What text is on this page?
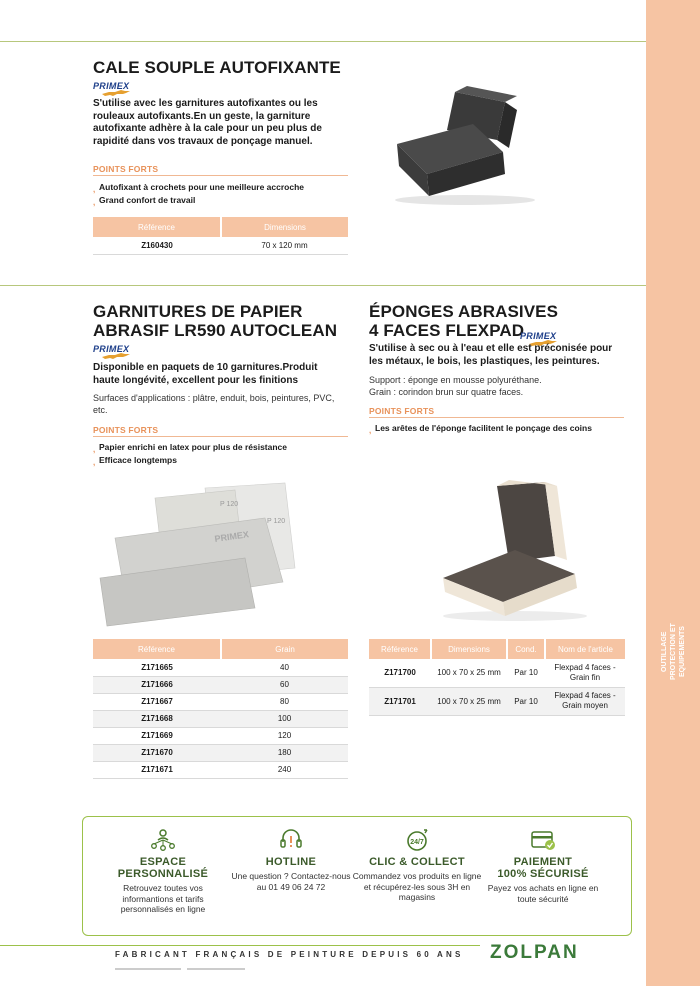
OUTILLAGE PROTECTION ET EQUIPEMENTS
CALE SOUPLE AUTOFIXANTE
PRIMEX
S'utilise avec les garnitures autofixantes ou les rouleaux autofixants.En un geste, la garniture autofixante adhère à la cale pour un peu plus de rapidité dans vos travaux de ponçage manuel.
POINTS FORTS
, Autofixant à crochets pour une meilleure accroche
, Grand confort de travail
Référence	Dimensions
Z160430	70 x 120 mm
GARNITURES DE PAPIER
ABRASIF LR590 AUTOCLEAN
PRIMEX
Disponible en paquets de 10 garnitures.Produit haute longévité, excellent pour les finitions
Surfaces d'applications : plâtre, enduit, bois, peintures, PVC, etc.
POINTS FORTS
, Papier enrichi en latex pour plus de résistance
, Efficace longtemps
P 120
P 120
PRIMEX
Référence	Grain
Z171665	40
Z171666	60
Z171667	80
Z171668	100
Z171669	120
Z171670	180
Z171671	240
ÉPONGES ABRASIVES
4 FACES FLEXPAD
PRIMEX
S'utilise à sec ou à l'eau et elle est préconisée pour les métaux, le bois, les plastiques, les peintures.
Support : éponge en mousse polyuréthane.
Grain : corindon brun sur quatre faces.
POINTS FORTS
, Les arêtes de l'éponge facilitent le ponçage des coins
Référence	Dimensions	Cond.	Nom de l'article
Z171700	100 x 70 x 25 mm	Par 10	Flexpad 4 faces - Grain fin
Z171701	100 x 70 x 25 mm	Par 10	Flexpad 4 faces - Grain moyen
ESPACE
PERSONNALISÉ
Retrouvez toutes vos informantions et tarifs personnalisés en ligne
HOTLINE
Une question ? Contactez-nous au 01 49 06 24 72
24/7
CLIC & COLLECT
Commandez vos produits en ligne et récupérez-les sous 3H en magasins
PAIEMENT
100% SÉCURISÉ
Payez vos achats en ligne en toute sécurité
FABRICANT FRANÇAIS DE PEINTURE DEPUIS 60 ANS ZOLPAN
